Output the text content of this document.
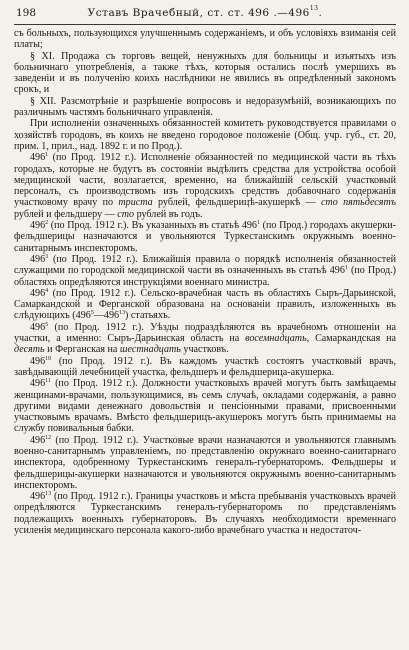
198	Уставъ Врачебный, ст. ст. 496 $.—496^{13}$.

съ больныхъ, пользующихся улучшеннымъ содержаніемъ, и объ условіяхъ взиманія сей платы;

§ XI. Продажа съ торговъ вещей, ненужныхъ для больницы и изъятыхъ изъ больничнаго употребленія, а также тѣхъ, которыя остались послѣ умершихъ въ заведеніи и въ полученію коихъ наслѣдники не явились въ опредѣленный закономъ срокъ, и

§ XII. Разсмотрѣніе и разрѣшеніе вопросовъ и недоразумѣній, возникающихъ по различнымъ частямъ больничнаго управленія.

При исполненіи означенныхъ обязанностей комитетъ руководствуется правилами о хозяйствѣ городовъ, въ коихъ не введено городовое положеніе (Общ. учр. губ., ст. 20, прим. 1, прил., над. 1892 г. и по Прод.).

$496^1$ (по Прод. 1912 г.). Исполненіе обязанностей по медицинской части въ тѣхъ городахъ, которые не будутъ въ состояніи выдѣлить средства для устройства особой медицинской части, возлагается, временно, на ближайшій сельскій участковый персоналъ, съ производствомъ изъ городскихъ средствъ добавочнаго содержанія участковому врачу по триста рублей, фельдшерицѣ-акушеркѣ — сто пятьдесятъ рублей и фельдшеру — сто рублей въ годъ.

$496^2$ (по Прод. 1912 г.). Въ указанныхъ въ статьѣ $496^1$ (по Прод.) городахъ акушерки-фельдшерицы назначаются и увольняются Туркестанскимъ окружнымъ военно-санитарнымъ инспекторомъ.

$496^3$ (по Прод. 1912 г.). Ближайшія правила о порядкѣ исполненія обязанностей служащими по городской медицинской части въ означенныхъ въ статьѣ $496^1$ (по Прод.) областяхъ опредѣляются инструкціями военнаго министра.

$496^4$ (по Прод. 1912 г.). Сельско-врачебная часть въ областяхъ Сыръ-Дарьинской, Самаркандской и Ферганской образована на основаніи правилъ, изложенныхъ въ слѣдующихъ $(496^5—496^{13})$ статьяхъ.

$496^5$ (по Прод. 1912 г.). Уѣзды подраздѣляются въ врачебномъ отношеніи на участки, а именно: Сыръ-Дарьинская область на восемнадцать, Самаркандская на десять и Ферганская на шестнадцать участковъ.

$496^{10}$ (по Прод. 1912 г.). Въ каждомъ участкѣ состоятъ участковый врачъ, завѣдывающій лечебницей участка, фельдшеръ и фельдшерица-акушерка.

$496^{11}$ (по Прод. 1912 г.). Должности участковыхъ врачей могутъ быть замѣщаемы женщинами-врачами, пользующимися, въ семъ случаѣ, окладами содержанія, а равно другими видами денежнаго довольствія и пенсіонными правами, присвоенными участковымъ врачамъ. Вмѣсто фельдшерицъ-акушерокъ могутъ быть принимаемы на службу повивальныя бабки.

$496^{12}$ (по Прод. 1912 г.). Участковые врачи назначаются и увольняются главнымъ военно-санитарнымъ управленіемъ, по представленію окружнаго военно-санитарнаго инспектора, одобренному Туркестанскимъ генералъ-губернаторомъ. Фельдшеры и фельдшерицы-акушерки назначаются и увольняются окружнымъ военно-санитарнымъ инспекторомъ.

$496^{13}$ (по Прод. 1912 г.). Границы участковъ и мѣста пребыванія участковыхъ врачей опредѣляются Туркестанскимъ генералъ-губернаторомъ по представленіямъ подлежащихъ военныхъ губернаторовъ. Въ случаяхъ необходимости временнаго усиленія медицинскаго персонала какого-либо врачебнаго участка и недостаточ-
